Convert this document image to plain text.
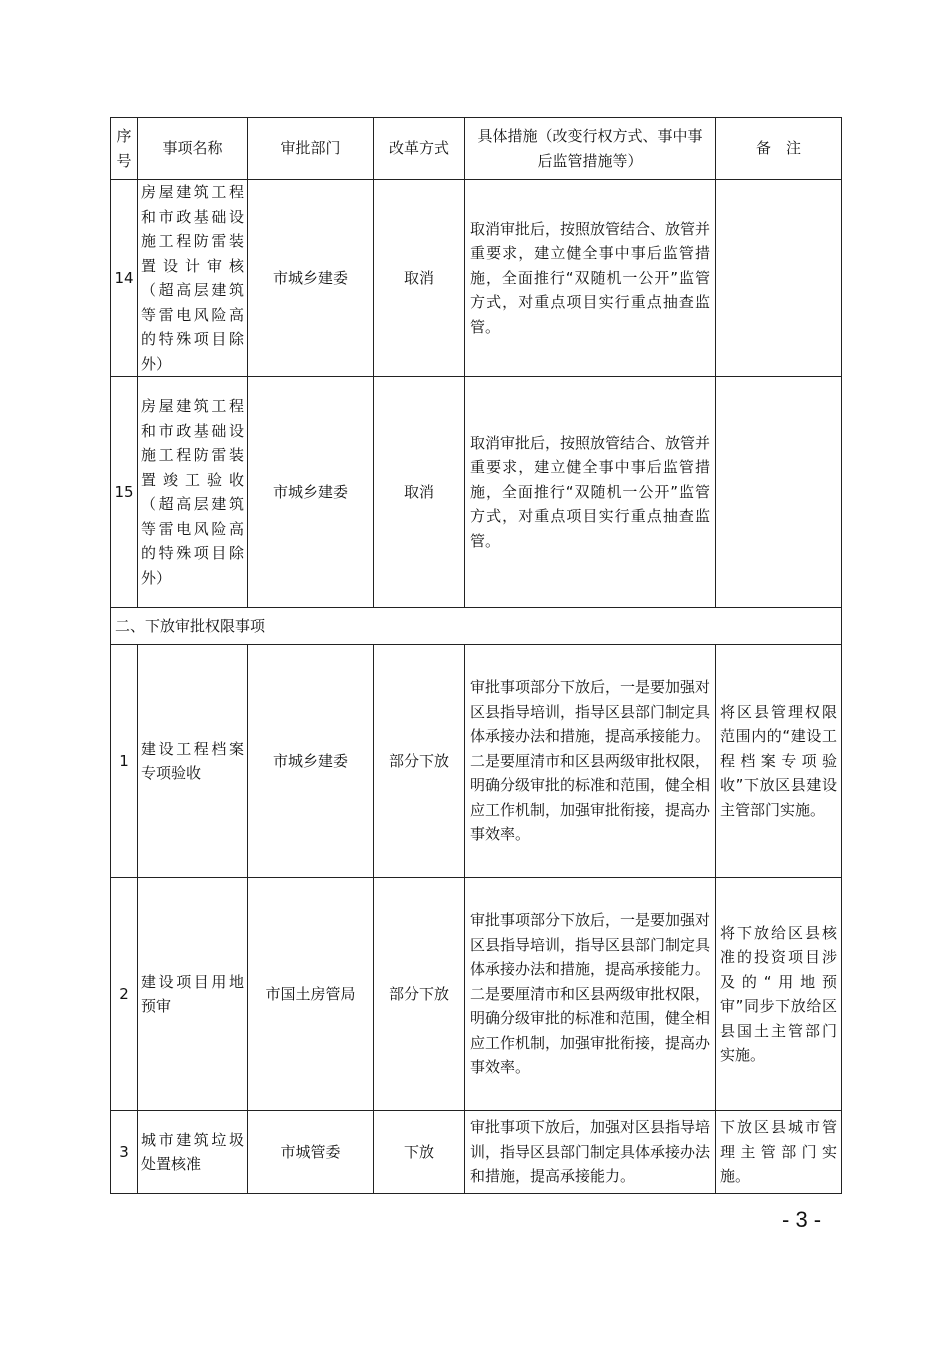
序号	事项名称	审批部门	改革方式	具体措施（改变行权方式、事中事后监管措施等）	备　注
14	房屋建筑工程和市政基础设施工程防雷装置设计审核（超高层建筑等雷电风险高的特殊项目除外）	市城乡建委	取消	取消审批后，按照放管结合、放管并重要求，建立健全事中事后监管措施，全面推行“双随机一公开”监管方式，对重点项目实行重点抽查监管。	
15	房屋建筑工程和市政基础设施工程防雷装置竣工验收（超高层建筑等雷电风险高的特殊项目除外）	市城乡建委	取消	取消审批后，按照放管结合、放管并重要求，建立健全事中事后监管措施，全面推行“双随机一公开”监管方式，对重点项目实行重点抽查监管。	
二、下放审批权限事项					
1	建设工程档案专项验收	市城乡建委	部分下放	审批事项部分下放后，一是要加强对区县指导培训，指导区县部门制定具体承接办法和措施，提高承接能力。二是要厘清市和区县两级审批权限，明确分级审批的标准和范围，健全相应工作机制，加强审批衔接，提高办事效率。	将区县管理权限范围内的“建设工程档案专项验收”下放区县建设主管部门实施。
2	建设项目用地预审	市国土房管局	部分下放	审批事项部分下放后，一是要加强对区县指导培训，指导区县部门制定具体承接办法和措施，提高承接能力。二是要厘清市和区县两级审批权限，明确分级审批的标准和范围，健全相应工作机制，加强审批衔接，提高办事效率。	将下放给区县核准的投资项目涉及的“用地预审”同步下放给区县国土主管部门实施。
3	城市建筑垃圾处置核准	市城管委	下放	审批事项下放后，加强对区县指导培训，指导区县部门制定具体承接办法和措施，提高承接能力。	下放区县城市管理主管部门实施。
- 3 -
